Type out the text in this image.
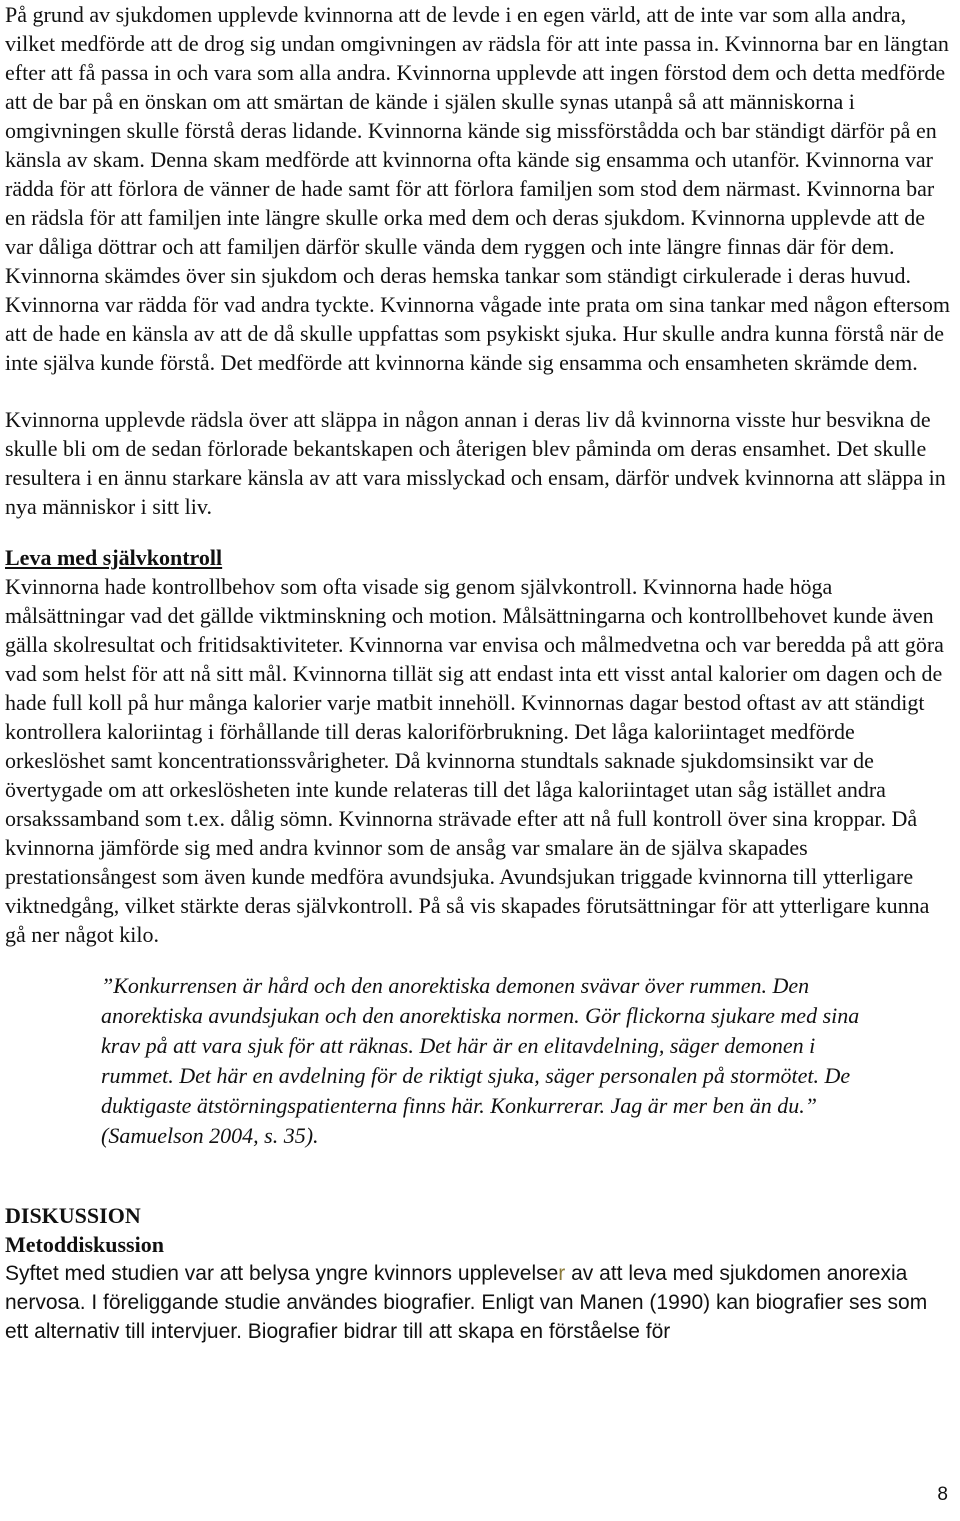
På grund av sjukdomen upplevde kvinnorna att de levde i en egen värld, att de inte var som alla andra, vilket medförde att de drog sig undan omgivningen av rädsla för att inte passa in. Kvinnorna bar en längtan efter att få passa in och vara som alla andra. Kvinnorna upplevde att ingen förstod dem och detta medförde att de bar på en önskan om att smärtan de kände i själen skulle synas utanpå så att människorna i omgivningen skulle förstå deras lidande. Kvinnorna kände sig missförstådda och bar ständigt därför på en känsla av skam. Denna skam medförde att kvinnorna ofta kände sig ensamma och utanför. Kvinnorna var rädda för att förlora de vänner de hade samt för att förlora familjen som stod dem närmast. Kvinnorna bar en rädsla för att familjen inte längre skulle orka med dem och deras sjukdom. Kvinnorna upplevde att de var dåliga döttrar och att familjen därför skulle vända dem ryggen och inte längre finnas där för dem. Kvinnorna skämdes över sin sjukdom och deras hemska tankar som ständigt cirkulerade i deras huvud. Kvinnorna var rädda för vad andra tyckte. Kvinnorna vågade inte prata om sina tankar med någon eftersom att de hade en känsla av att de då skulle uppfattas som psykiskt sjuka. Hur skulle andra kunna förstå när de inte själva kunde förstå. Det medförde att kvinnorna kände sig ensamma och ensamheten skrämde dem.

Kvinnorna upplevde rädsla över att släppa in någon annan i deras liv då kvinnorna visste hur besvikna de skulle bli om de sedan förlorade bekantskapen och återigen blev påminda om deras ensamhet. Det skulle resultera i en ännu starkare känsla av att vara misslyckad och ensam, därför undvek kvinnorna att släppa in nya människor i sitt liv.

Leva med självkontroll

Kvinnorna hade kontrollbehov som ofta visade sig genom självkontroll. Kvinnorna hade höga målsättningar vad det gällde viktminskning och motion. Målsättningarna och kontrollbehovet kunde även gälla skolresultat och fritidsaktiviteter. Kvinnorna var envisa och målmedvetna och var beredda på att göra vad som helst för att nå sitt mål. Kvinnorna tillät sig att endast inta ett visst antal kalorier om dagen och de hade full koll på hur många kalorier varje matbit innehöll. Kvinnornas dagar bestod oftast av att ständigt kontrollera kaloriintag i förhållande till deras kaloriförbrukning. Det låga kaloriintaget medförde orkeslöshet samt koncentrationssvårigheter. Då kvinnorna stundtals saknade sjukdomsinsikt var de övertygade om att orkeslösheten inte kunde relateras till det låga kaloriintaget utan såg istället andra orsakssamband som t.ex. dålig sömn. Kvinnorna strävade efter att nå full kontroll över sina kroppar. Då kvinnorna jämförde sig med andra kvinnor som de ansåg var smalare än de själva skapades prestationsångest som även kunde medföra avundsjuka. Avundsjukan triggade kvinnorna till ytterligare viktnedgång, vilket stärkte deras självkontroll. På så vis skapades förutsättningar för att ytterligare kunna gå ner något kilo.

”Konkurrensen är hård och den anorektiska demonen svävar över rummen. Den anorektiska avundsjukan och den anorektiska normen. Gör flickorna sjukare med sina krav på att vara sjuk för att räknas. Det här är en elitavdelning, säger demonen i rummet. Det här en avdelning för de riktigt sjuka, säger personalen på stormötet. De duktigaste ätstörningspatienterna finns här. Konkurrerar. Jag är mer ben än du.” (Samuelson 2004, s. 35).
DISKUSSION
Metoddiskussion

Syftet med studien var att belysa yngre kvinnors upplevelser av att leva med sjukdomen anorexia nervosa. I föreliggande studie användes biografier. Enligt van Manen (1990) kan biografier ses som ett alternativ till intervjuer. Biografier bidrar till att skapa en förståelse för

8
